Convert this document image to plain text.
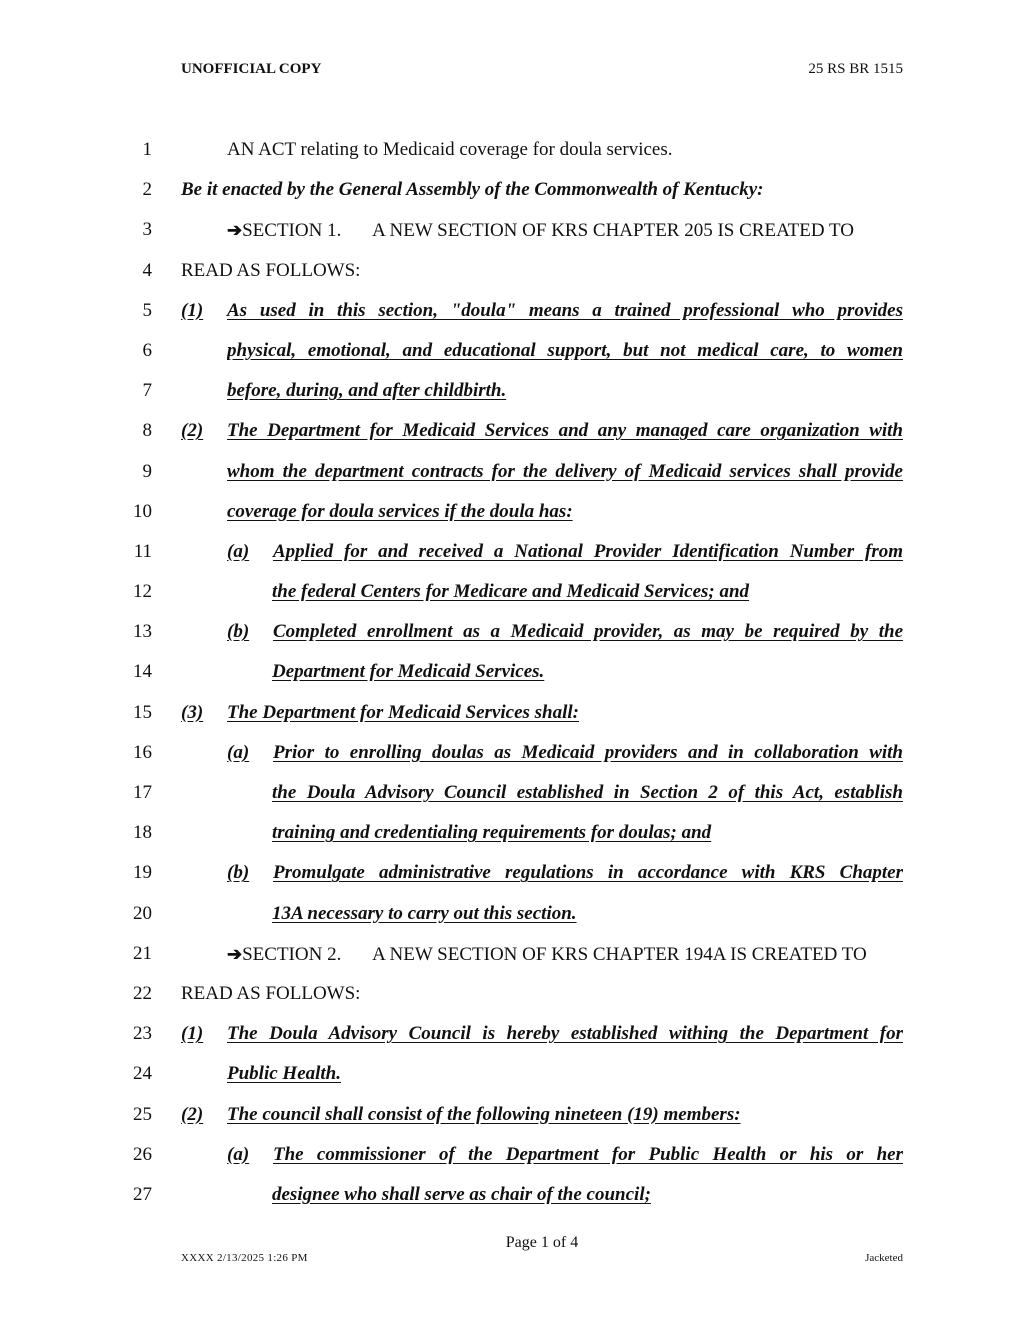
UNOFFICIAL COPY	25 RS BR 1515
1	AN ACT relating to Medicaid coverage for doula services.
2 Be it enacted by the General Assembly of the Commonwealth of Kentucky:
3	➔SECTION 1. A NEW SECTION OF KRS CHAPTER 205 IS CREATED TO
4 READ AS FOLLOWS:
5 (1) As used in this section, "doula" means a trained professional who provides
6	physical, emotional, and educational support, but not medical care, to women
7	before, during, and after childbirth.
8 (2) The Department for Medicaid Services and any managed care organization with
9	whom the department contracts for the delivery of Medicaid services shall provide
10	coverage for doula services if the doula has:
11	(a) Applied for and received a National Provider Identification Number from
12	the federal Centers for Medicare and Medicaid Services; and
13	(b) Completed enrollment as a Medicaid provider, as may be required by the
14	Department for Medicaid Services.
15 (3) The Department for Medicaid Services shall:
16	(a) Prior to enrolling doulas as Medicaid providers and in collaboration with
17	the Doula Advisory Council established in Section 2 of this Act, establish
18	training and credentialing requirements for doulas; and
19	(b) Promulgate administrative regulations in accordance with KRS Chapter
20	13A necessary to carry out this section.
21	➔SECTION 2. A NEW SECTION OF KRS CHAPTER 194A IS CREATED TO
22 READ AS FOLLOWS:
23 (1) The Doula Advisory Council is hereby established withing the Department for
24	Public Health.
25 (2) The council shall consist of the following nineteen (19) members:
26	(a) The commissioner of the Department for Public Health or his or her
27	designee who shall serve as chair of the council;
Page 1 of 4
XXXX 2/13/2025 1:26 PM	Jacketed
